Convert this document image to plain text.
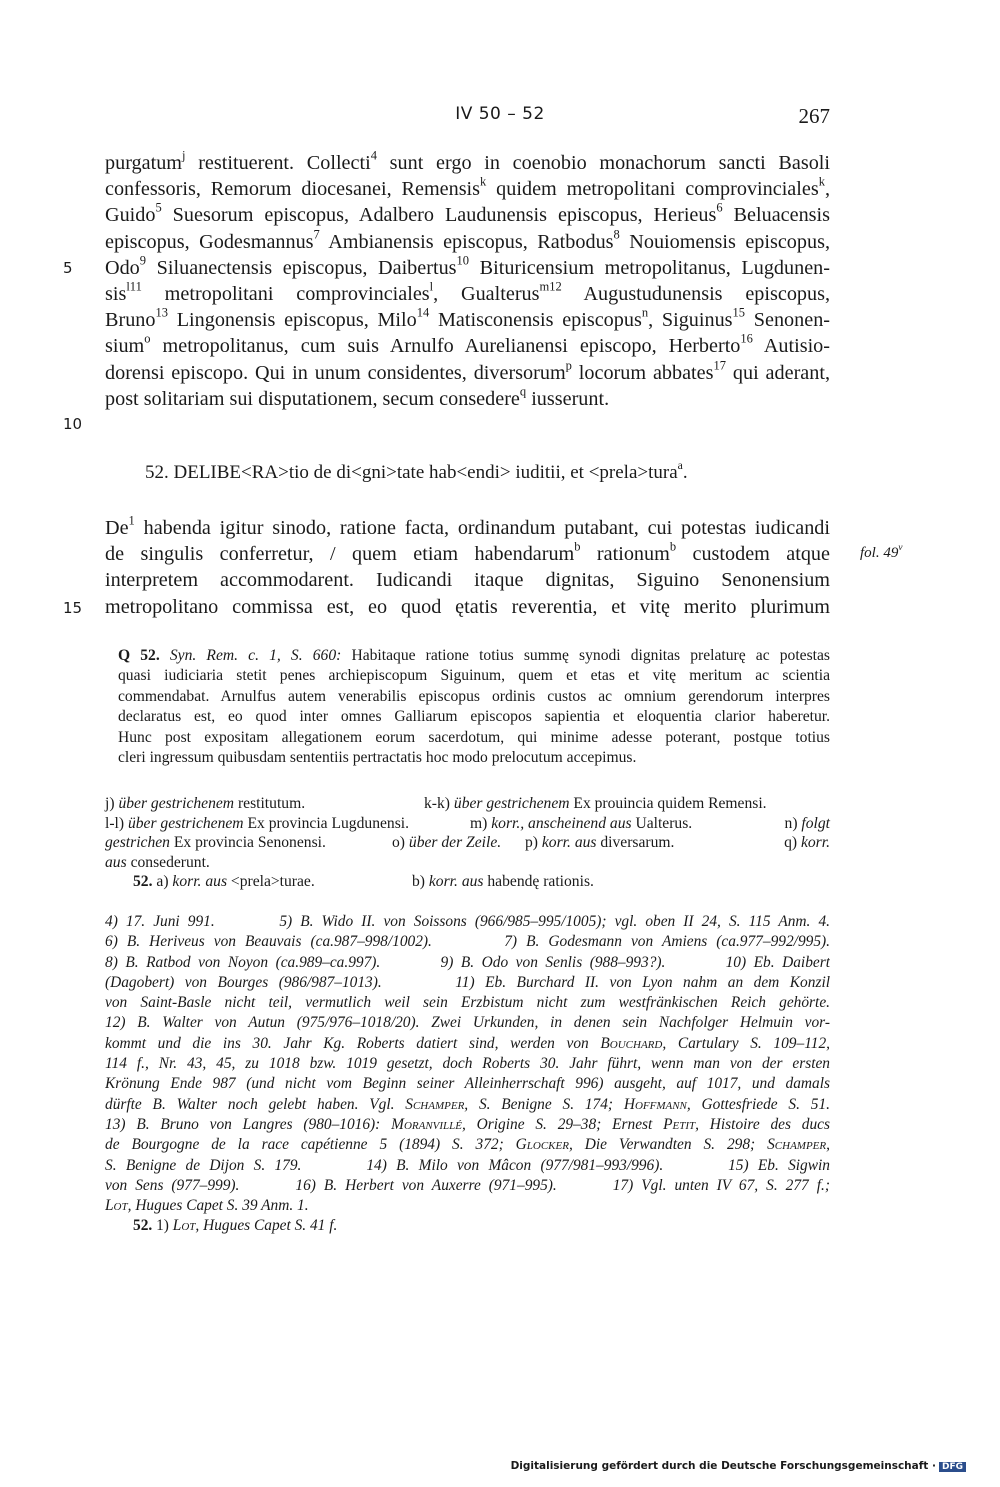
IV 50 – 52	267
purgatum$^j$ restituerent. Collecti$^4$ sunt ergo in coenobio monachorum sancti Basoli
confessoris, Remorum diocesanei, Remensis$^k$ quidem metropolitani comprovinciales$^k$,
Guido$^5$ Suesorum episcopus, Adalbero Laudunensis episcopus, Herieus$^6$ Beluacensis
episcopus, Godesmannus$^7$ Ambianensis episcopus, Ratbodus$^8$ Nouiomensis episcopus,
Odo$^9$ Siluanectensis episcopus, Daibertus$^{10}$ Bituricensium metropolitanus, Lugdunen-
sis$^{l11}$ metropolitani comprovinciales$^l$, Gualterus$^{m12}$ Augustudunensis episcopus,
Bruno$^{13}$ Lingonensis episcopus, Milo$^{14}$ Matisconensis episcopus$^n$, Siguinus$^{15}$ Senonen-
sium$^o$ metropolitanus, cum suis Arnulfo Aurelianensi episcopo, Herberto$^{16}$ Autisio-
dorensi episcopo. Qui in unum considentes, diversorum$^p$ locorum abbates$^{17}$ qui aderant,
post solitariam sui disputationem, secum consedere$^q$ iusserunt.
5
10
52. DELIBE<RA>tio de di<gni>tate hab<endi> iuditii, et <prela>tura$^a$.
De$^1$ habenda igitur sinodo, ratione facta, ordinandum putabant, cui potestas iudicandi
de singulis conferretur, / quem etiam habendarum$^b$ rationum$^b$ custodem atque
interpretem accommodarent. Iudicandi itaque dignitas, Siguino Senonensium
metropolitano commissa est, eo quod ętatis reverentia, et vitę merito plurimum
fol. 49$^v$
15
Q 52. Syn. Rem. c. 1, S. 660: Habitaque ratione totius summę synodi dignitas prelaturę ac potestas
quasi iudiciaria stetit penes archiepiscopum Siguinum, quem et etas et vitę meritum ac scientia
commendabat. Arnulfus autem venerabilis episcopus ordinis custos ac omnium gerendorum interpres
declaratus est, eo quod inter omnes Galliarum episcopos sapientia et eloquentia clarior haberetur.
Hunc post expositam allegationem eorum sacerdotum, qui minime adesse poterant, postque totius
cleri ingressum quibusdam sententiis pertractatis hoc modo prelocutum accepimus.
j) über gestrichenem restitutum.	k-k) über gestrichenem Ex prouincia quidem Remensi.
l-l) über gestrichenem Ex provincia Lugdunensi.	m) korr., anscheinend aus Ualterus.	n) folgt
gestrichen Ex provincia Senonensi.	o) über der Zeile. p) korr. aus diversarum.	q) korr.
aus consederunt.
52. a) korr. aus <prela>turae.	b) korr. aus habendę rationis.
4) 17. Juni 991.        5) B. Wido II. von Soissons (966/985–995/1005); vgl. oben II 24, S. 115 Anm. 4.
6) B. Heriveus von Beauvais (ca.987–998/1002).        7) B. Godesmann von Amiens (ca.977–992/995).
8) B. Ratbod von Noyon (ca.989–ca.997).        9) B. Odo von Senlis (988–993?).        10) Eb. Daibert
(Dagobert) von Bourges (986/987–1013).       11) Eb. Burchard II. von Lyon nahm an dem Konzil
von Saint-Basle nicht teil, vermutlich weil sein Erzbistum nicht zum westfränkischen Reich gehörte.
12) B. Walter von Autun (975/976–1018/20). Zwei Urkunden, in denen sein Nachfolger Helmuin vor-
kommt und die ins 30. Jahr Kg. Roberts datiert sind, werden von Bouchard, Cartulary S. 109–112,
114 f., Nr. 43, 45, zu 1018 bzw. 1019 gesetzt, doch Roberts 30. Jahr führt, wenn man von der ersten
Krönung Ende 987 (und nicht vom Beginn seiner Alleinherrschaft 996) ausgeht, auf 1017, und damals
dürfte B. Walter noch gelebt haben. Vgl. Schamper, S. Benigne S. 174; Hoffmann, Gottesfriede S. 51.
13) B. Bruno von Langres (980–1016): Moranvillé, Origine S. 29–38; Ernest Petit, Histoire des ducs
de Bourgogne de la race capétienne 5 (1894) S. 372; Glocker, Die Verwandten S. 298; Schamper,
S. Benigne de Dijon S. 179.       14) B. Milo von Mâcon (977/981–993/996).       15) Eb. Sigwin
von Sens (977–999).       16) B. Herbert von Auxerre (971–995).       17) Vgl. unten IV 67, S. 277 f.;
Lot, Hugues Capet S. 39 Anm. 1.
52. 1) Lot, Hugues Capet S. 41 f.
Digitalisierung gefördert durch die Deutsche Forschungsgemeinschaft · DFG
